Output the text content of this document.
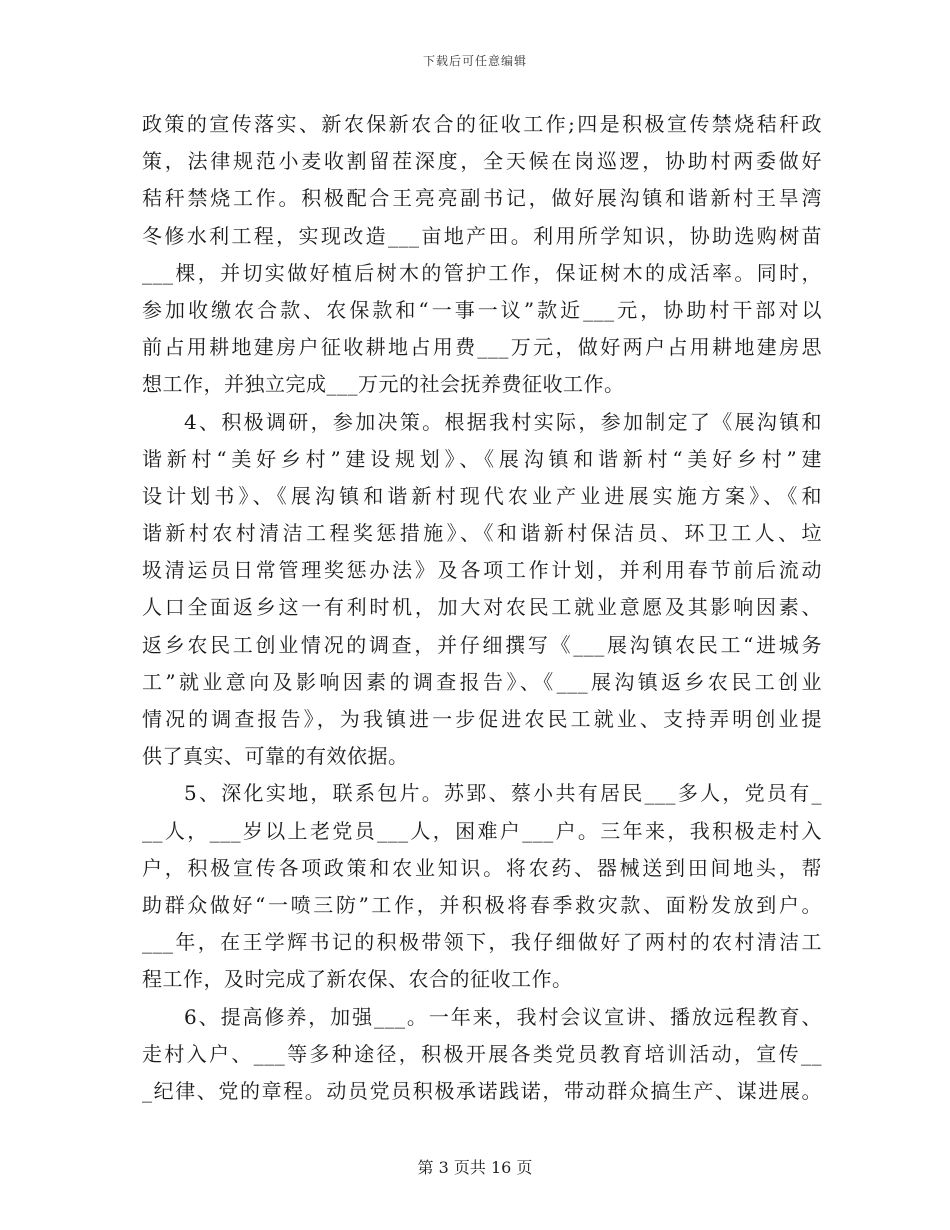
下载后可任意编辑
政策的宣传落实、新农保新农合的征收工作;四是积极宣传禁烧秸秆政
策，法律规范小麦收割留茬深度，全天候在岗巡逻，协助村两委做好
秸秆禁烧工作。积极配合王亮亮副书记，做好展沟镇和谐新村王旱湾
冬修水利工程，实现改造___亩地产田。利用所学知识，协助选购树苗
___棵，并切实做好植后树木的管护工作，保证树木的成活率。同时，
参加收缴农合款、农保款和“一事一议”款近___元，协助村干部对以
前占用耕地建房户征收耕地占用费___万元，做好两户占用耕地建房思
想工作，并独立完成___万元的社会抚养费征收工作。
4、积极调研，参加决策。根据我村实际，参加制定了《展沟镇和
谐新村“美好乡村”建设规划》、《展沟镇和谐新村“美好乡村”建
设计划书》、《展沟镇和谐新村现代农业产业进展实施方案》、《和
谐新村农村清洁工程奖惩措施》、《和谐新村保洁员、环卫工人、垃
圾清运员日常管理奖惩办法》及各项工作计划，并利用春节前后流动
人口全面返乡这一有利时机，加大对农民工就业意愿及其影响因素、
返乡农民工创业情况的调查，并仔细撰写《___展沟镇农民工“进城务
工”就业意向及影响因素的调查报告》、《___展沟镇返乡农民工创业
情况的调查报告》，为我镇进一步促进农民工就业、支持弄明创业提
供了真实、可靠的有效依据。
5、深化实地，联系包片。苏郢、蔡小共有居民___多人，党员有_
__人，___岁以上老党员___人，困难户___户。三年来，我积极走村入
户，积极宣传各项政策和农业知识。将农药、器械送到田间地头，帮
助群众做好“一喷三防”工作，并积极将春季救灾款、面粉发放到户。
___年，在王学辉书记的积极带领下，我仔细做好了两村的农村清洁工
程工作，及时完成了新农保、农合的征收工作。
6、提高修养，加强___。一年来，我村会议宣讲、播放远程教育、
走村入户、___等多种途径，积极开展各类党员教育培训活动，宣传__
_纪律、党的章程。动员党员积极承诺践诺，带动群众搞生产、谋进展。
第 3 页共 16 页
